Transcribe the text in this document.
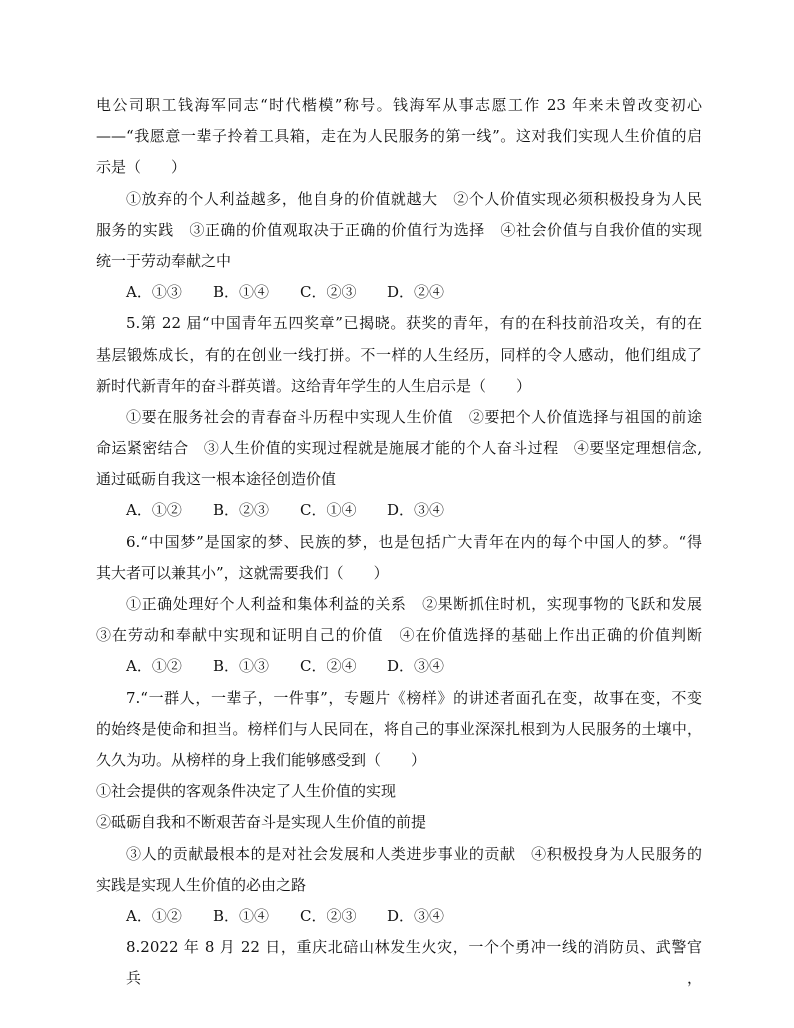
电公司职工钱海军同志“时代楷模”称号。钱海军从事志愿工作 23 年来未曾改变初心
——“我愿意一辈子拎着工具箱，走在为人民服务的第一线”。这对我们实现人生价值的启
示是（　　）
①放弃的个人利益越多，他自身的价值就越大　②个人价值实现必须积极投身为人民
服务的实践　③正确的价值观取决于正确的价值行为选择　④社会价值与自我价值的实现
统一于劳动奉献之中
A．①③ B．①④ C．②③ D．②④
5.第 22 届“中国青年五四奖章”已揭晓。获奖的青年，有的在科技前沿攻关，有的在
基层锻炼成长，有的在创业一线打拼。不一样的人生经历，同样的令人感动，他们组成了
新时代新青年的奋斗群英谱。这给青年学生的人生启示是（　　）
①要在服务社会的青春奋斗历程中实现人生价值　②要把个人价值选择与祖国的前途
命运紧密结合　③人生价值的实现过程就是施展才能的个人奋斗过程　④要坚定理想信念,
通过砥砺自我这一根本途径创造价值
A．①② B．②③ C．①④ D．③④
6.“中国梦”是国家的梦、民族的梦，也是包括广大青年在内的每个中国人的梦。“得
其大者可以兼其小”，这就需要我们（　　）
①正确处理好个人利益和集体利益的关系　②果断抓住时机，实现事物的飞跃和发展
③在劳动和奉献中实现和证明自己的价值　④在价值选择的基础上作出正确的价值判断
A．①② B．①③ C．②④ D．③④
7.“一群人，一辈子，一件事”，专题片《榜样》的讲述者面孔在变，故事在变，不变
的始终是使命和担当。榜样们与人民同在，将自己的事业深深扎根到为人民服务的土壤中，
久久为功。从榜样的身上我们能够感受到（　　）
①社会提供的客观条件决定了人生价值的实现
②砥砺自我和不断艰苦奋斗是实现人生价值的前提
③人的贡献最根本的是对社会发展和人类进步事业的贡献　④积极投身为人民服务的
实践是实现人生价值的必由之路
A．①② B．①④ C．②③ D．③④
8.2022 年 8 月 22 日，重庆北碚山林发生火灾，一个个勇冲一线的消防员、武警官兵，
